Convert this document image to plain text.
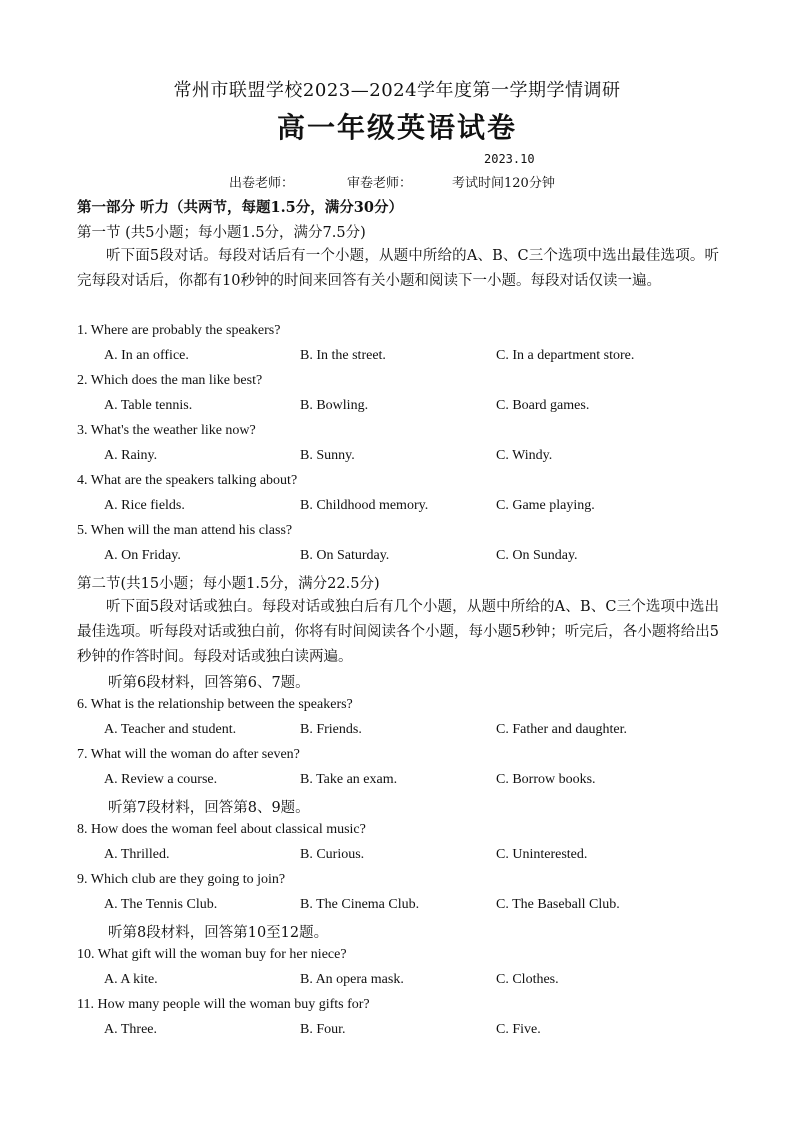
常州市联盟学校2023—2024学年度第一学期学情调研
高一年级英语试卷
2023.10
出卷老师：	审卷老师：	考试时间120分钟
第一部分 听力（共两节，每题1.5分，满分30分）
第一节 (共5小题；每小题1.5分，满分7.5分)
听下面5段对话。每段对话后有一个小题，从题中所给的A、B、C三个选项中选出最佳选项。听完每段对话后，你都有10秒钟的时间来回答有关小题和阅读下一小题。每段对话仅读一遍。
1. Where are probably the speakers?
A. In an office.	B. In the street.	C. In a department store.
2. Which does the man like best?
A. Table tennis.	B. Bowling.	C. Board games.
3. What's the weather like now?
A. Rainy.	B. Sunny.	C. Windy.
4. What are the speakers talking about?
A. Rice fields.	B. Childhood memory.	C. Game playing.
5. When will the man attend his class?
A. On Friday.	B. On Saturday.	C. On Sunday.
第二节(共15小题；每小题1.5分，满分22.5分)
听下面5段对话或独白。每段对话或独白后有几个小题，从题中所给的A、B、C三个选项中选出最佳选项。听每段对话或独白前，你将有时间阅读各个小题，每小题5秒钟；听完后，各小题将给出5秒钟的作答时间。每段对话或独白读两遍。
听第6段材料，回答第6、7题。
6. What is the relationship between the speakers?
A. Teacher and student.	B. Friends.	C. Father and daughter.
7. What will the woman do after seven?
A. Review a course.	B. Take an exam.	C. Borrow books.
听第7段材料，回答第8、9题。
8. How does the woman feel about classical music?
A. Thrilled.	B. Curious.	C. Uninterested.
9. Which club are they going to join?
A. The Tennis Club.	B. The Cinema Club.	C. The Baseball Club.
听第8段材料，回答第10至12题。
10. What gift will the woman buy for her niece?
A. A kite.	B. An opera mask.	C. Clothes.
11. How many people will the woman buy gifts for?
A. Three.	B. Four.	C. Five.
